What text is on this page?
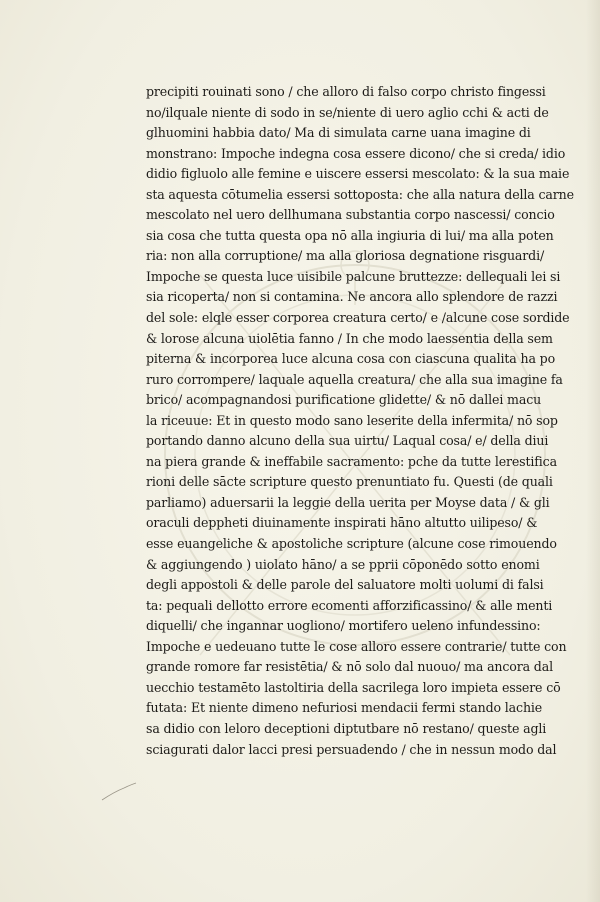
precipiti rouinati sono / che alloro di falso corpo christo fingessi
no/ilquale niente di sodo in se/niente di uero aglio cchi & acti de
glhuomini habbia dato/ Ma di simulata carne uana imagine di
monstrano: Impoche indegna cosa essere dicono/ che si creda/ idio
didio figluolo alle femine e uiscere essersi mescolato: & la sua maie
sta aquesta cōtumelia essersi sottoposta: che alla natura della carne
mescolato nel uero dellhumana substantia corpo nascessi/ concio
sia cosa che tutta questa opa nō alla ingiuria di lui/ ma alla poten
ria: non alla corruptione/ ma alla gloriosa degnatione risguardi/
Impoche se questa luce uisibile palcune bruttezze: dellequali lei si
sia ricoperta/ non si contamina. Ne ancora allo splendore de razzi
del sole: elqle esser corporea creatura certo/ e /alcune cose sordide
& lorose alcuna uiolētia fanno / In che modo laessentia della sem
piterna & incorporea luce alcuna cosa con ciascuna qualita ha po
ruro corrompere/ laquale aquella creatura/ che alla sua imagine fa
brico/ acompagnandosi purificatione glidette/ & nō dallei macu
la riceuue: Et in questo modo sano leserite della infermita/ nō sop
portando danno alcuno della sua uirtu/ Laqual cosa/ e/ della diui
na piera grande & ineffabile sacramento: pche da tutte lerestifica
rioni delle sācte scripture questo prenuntiato fu. Questi (de quali
parliamo) aduersarii la leggie della uerita per Moyse data / & gli
oraculi deppheti diuinamente inspirati hāno altutto uilipeso/ &
esse euangeliche & apostoliche scripture (alcune cose rimouendo
& aggiungendo ) uiolato hāno/ a se pprii cōponēdo sotto enomi
degli appostoli & delle parole del saluatore molti uolumi di falsi
ta: pequali dellotto errore ecomenti afforzificassino/ & alle menti
diquelli/ che ingannar uogliono/ mortifero ueleno infundessino:
Impoche e uedeuano tutte le cose alloro essere contrarie/ tutte con
grande romore far resistētia/ & nō solo dal nuouo/ ma ancora dal
uecchio testamēto lastoltiria della sacrilega loro impieta essere cō
futata: Et niente dimeno nefuriosi mendacii fermi stando lachie
sa didio con leloro deceptioni diptutbare nō restano/ queste agli
sciagurati dalor lacci presi persuadendo / che in nessun modo dal
